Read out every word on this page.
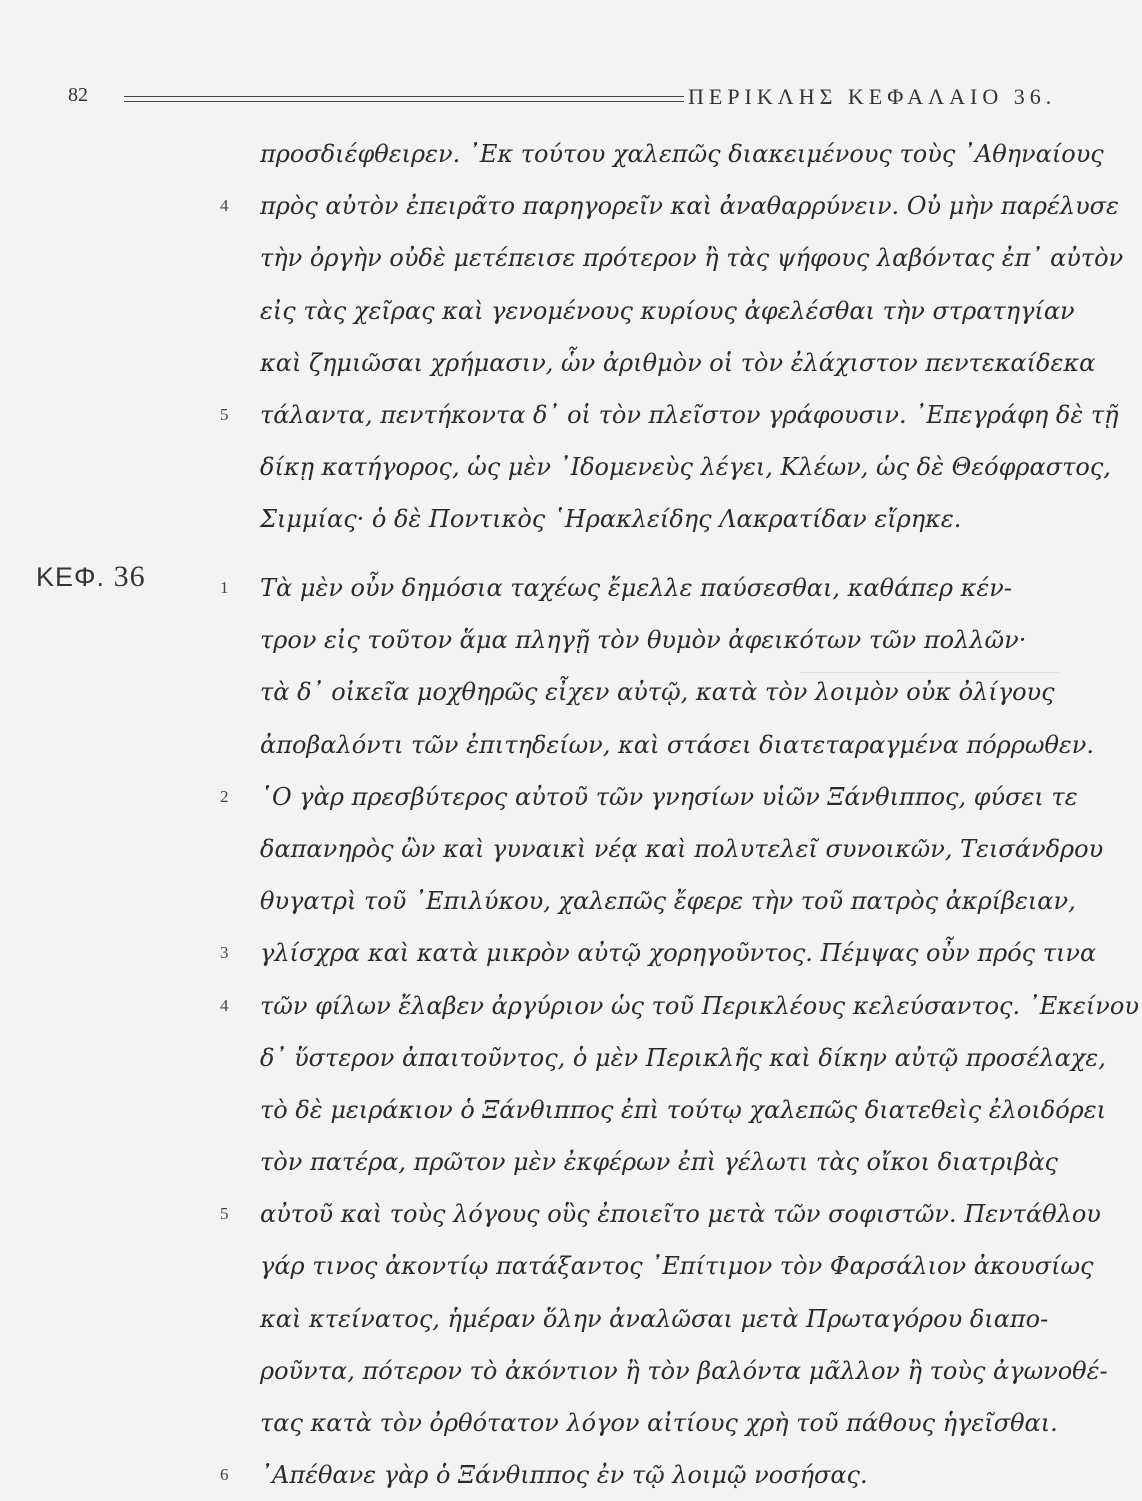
82	ΠΕΡΙΚΛΗΣ ΚΕΦΑΛΑΙΟ 36.
προσδιέφθειρεν. ᾽Εκ τούτου χαλεπῶς διακειμένους τοὺς ᾽Αθηναίους
4	πρὸς αὐτὸν ἐπειρᾶτο παρηγορεῖν καὶ ἀναθαρρύνειν. Οὐ μὴν παρέλυσε
τὴν ὀργὴν οὐδὲ μετέπεισε πρότερον ἢ τὰς ψήφους λαβόντας ἐπ᾽ αὐτὸν
εἰς τὰς χεῖρας καὶ γενομένους κυρίους ἀφελέσθαι τὴν στρατηγίαν
καὶ ζημιῶσαι χρήμασιν, ὧν ἀριθμὸν οἱ τὸν ἐλάχιστον πεντεκαίδεκα
5	τάλαντα, πεντήκοντα δ᾽ οἱ τὸν πλεῖστον γράφουσιν. ᾽Επεγράφη δὲ τῇ
δίκῃ κατήγορος, ὡς μὲν ᾽Ιδομενεὺς λέγει, Κλέων, ὡς δὲ Θεόφραστος,
Σιμμίας· ὁ δὲ Ποντικὸς ῾Ηρακλείδης Λακρατίδαν εἴρηκε.
ΚΕΦ. 36	1	Τὰ μὲν οὖν δημόσια ταχέως ἔμελλε παύσεσθαι, καθάπερ κέν-
τρον εἰς τοῦτον ἅμα πληγῇ τὸν θυμὸν ἀφεικότων τῶν πολλῶν·
τὰ δ᾽ οἰκεῖα μοχθηρῶς εἶχεν αὐτῷ, κατὰ τὸν λοιμὸν οὐκ ὀλίγους
ἀποβαλόντι τῶν ἐπιτηδείων, καὶ στάσει διατεταραγμένα πόρρωθεν.
2	῾Ο γὰρ πρεσβύτερος αὐτοῦ τῶν γνησίων υἱῶν Ξάνθιππος, φύσει τε
δαπανηρὸς ὢν καὶ γυναικὶ νέᾳ καὶ πολυτελεῖ συνοικῶν, Τεισάνδρου
θυγατρὶ τοῦ ᾽Επιλύκου, χαλεπῶς ἔφερε τὴν τοῦ πατρὸς ἀκρίβειαν,
3	γλίσχρα καὶ κατὰ μικρὸν αὐτῷ χορηγοῦντος. Πέμψας οὖν πρός τινα
4	τῶν φίλων ἔλαβεν ἀργύριον ὡς τοῦ Περικλέους κελεύσαντος. ᾽Εκείνου
δ᾽ ὕστερον ἀπαιτοῦντος, ὁ μὲν Περικλῆς καὶ δίκην αὐτῷ προσέλαχε,
τὸ δὲ μειράκιον ὁ Ξάνθιππος ἐπὶ τούτῳ χαλεπῶς διατεθεὶς ἐλοιδόρει
τὸν πατέρα, πρῶτον μὲν ἐκφέρων ἐπὶ γέλωτι τὰς οἴκοι διατριβὰς
5	αὐτοῦ καὶ τοὺς λόγους οὓς ἐποιεῖτο μετὰ τῶν σοφιστῶν. Πεντάθλου
γάρ τινος ἀκοντίῳ πατάξαντος ᾽Επίτιμον τὸν Φαρσάλιον ἀκουσίως
καὶ κτείνατος, ἡμέραν ὅλην ἀναλῶσαι μετὰ Πρωταγόρου διαπο-
ροῦντα, πότερον τὸ ἀκόντιον ἢ τὸν βαλόντα μᾶλλον ἢ τοὺς ἀγωνοθέ-
τας κατὰ τὸν ὀρθότατον λόγον αἰτίους χρὴ τοῦ πάθους ἡγεῖσθαι.
6	᾽Απέθανε γὰρ ὁ Ξάνθιππος ἐν τῷ λοιμῷ νοσήσας.
